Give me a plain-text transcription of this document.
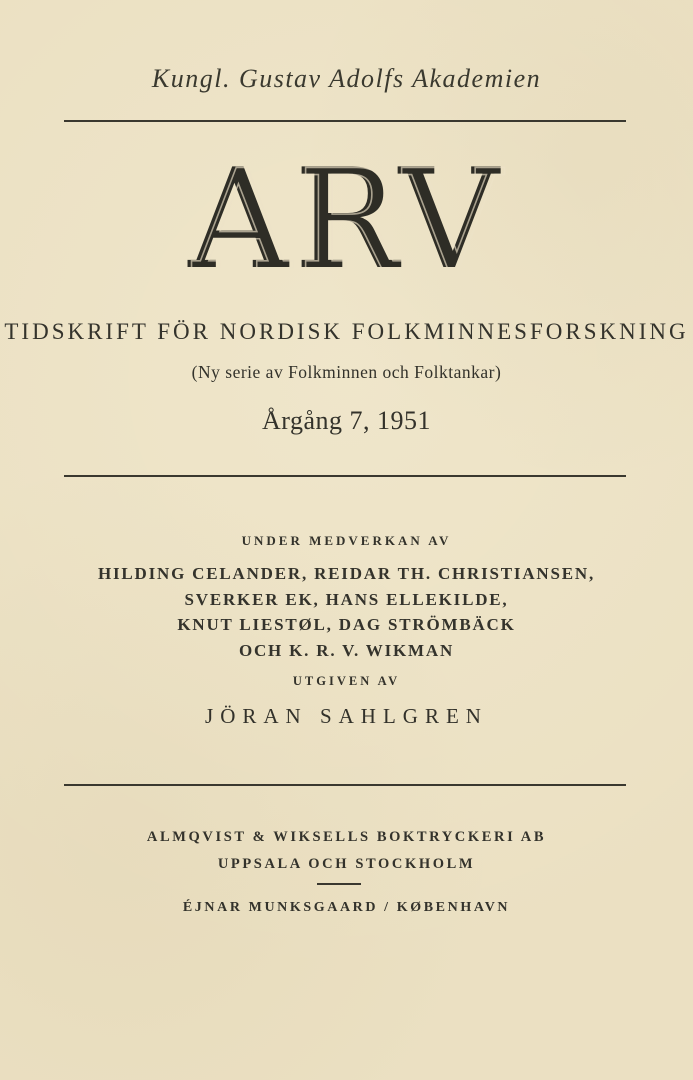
Kungl. Gustav Adolfs Akademien
ARV ARV
TIDSKRIFT FÖR NORDISK FOLKMINNESFORSKNING
(Ny serie av Folkminnen och Folktankar)
Årgång 7, 1951
UNDER MEDVERKAN AV
HILDING CELANDER, REIDAR TH. CHRISTIANSEN,
SVERKER EK, HANS ELLEKILDE,
KNUT LIESTØL, DAG STRÖMBÄCK
OCH K. R. V. WIKMAN
UTGIVEN AV
JÖRAN SAHLGREN
ALMQVIST & WIKSELLS BOKTRYCKERI AB
UPPSALA OCH STOCKHOLM
ÉJNAR MUNKSGAARD / KØBENHAVN
